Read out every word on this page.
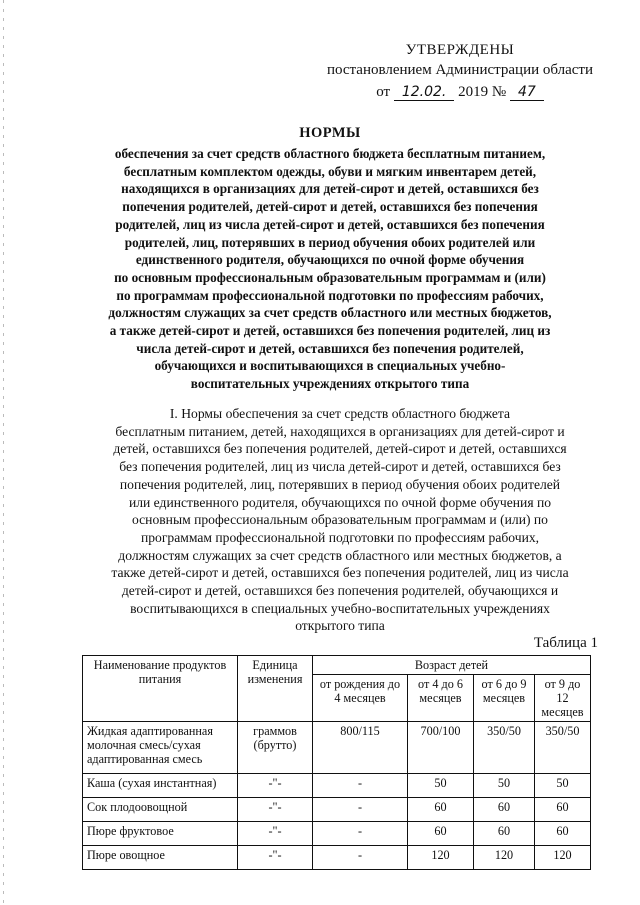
УТВЕРЖДЕНЫ
постановлением Администрации области
от 12.02. 2019 № 47
НОРМЫ
обеспечения за счет средств областного бюджета бесплатным питанием,
бесплатным комплектом одежды, обуви и мягким инвентарем детей,
находящихся в организациях для детей-сирот и детей, оставшихся без
попечения родителей, детей-сирот и детей, оставшихся без попечения
родителей, лиц из числа детей-сирот и детей, оставшихся без попечения
родителей, лиц, потерявших в период обучения обоих родителей или
единственного родителя, обучающихся по очной форме обучения
по основным профессиональным образовательным программам и (или)
по программам профессиональной подготовки по профессиям рабочих,
должностям служащих за счет средств областного или местных бюджетов,
а также детей-сирот и детей, оставшихся без попечения родителей, лиц из
числа детей-сирот и детей, оставшихся без попечения родителей,
обучающихся и воспитывающихся в специальных учебно-
воспитательных учреждениях открытого типа
I. Нормы обеспечения за счет средств областного бюджета
бесплатным питанием, детей, находящихся в организациях для детей-сирот и
детей, оставшихся без попечения родителей, детей-сирот и детей, оставшихся
без попечения родителей, лиц из числа детей-сирот и детей, оставшихся без
попечения родителей, лиц, потерявших в период обучения обоих родителей
или единственного родителя, обучающихся по очной форме обучения по
основным профессиональным образовательным программам и (или) по
программам профессиональной подготовки по профессиям рабочих,
должностям служащих за счет средств областного или местных бюджетов, а
также детей-сирот и детей, оставшихся без попечения родителей, лиц из числа
детей-сирот и детей, оставшихся без попечения родителей, обучающихся и
воспитывающихся в специальных учебно-воспитательных учреждениях
открытого типа
Таблица 1
Наименование продуктов питания	Единица изменения	Возраст детей			
		от рождения до 4 месяцев	от 4 до 6 месяцев	от 6 до 9 месяцев	от 9 до 12 месяцев
Жидкая адаптированная молочная смесь/сухая адаптированная смесь	граммов (брутто)	800/115	700/100	350/50	350/50
Каша (сухая инстантная)	-"-	-	50	50	50
Сок плодоовощной	-"-	-	60	60	60
Пюре фруктовое	-"-	-	60	60	60
Пюре овощное	-"-	-	120	120	120
